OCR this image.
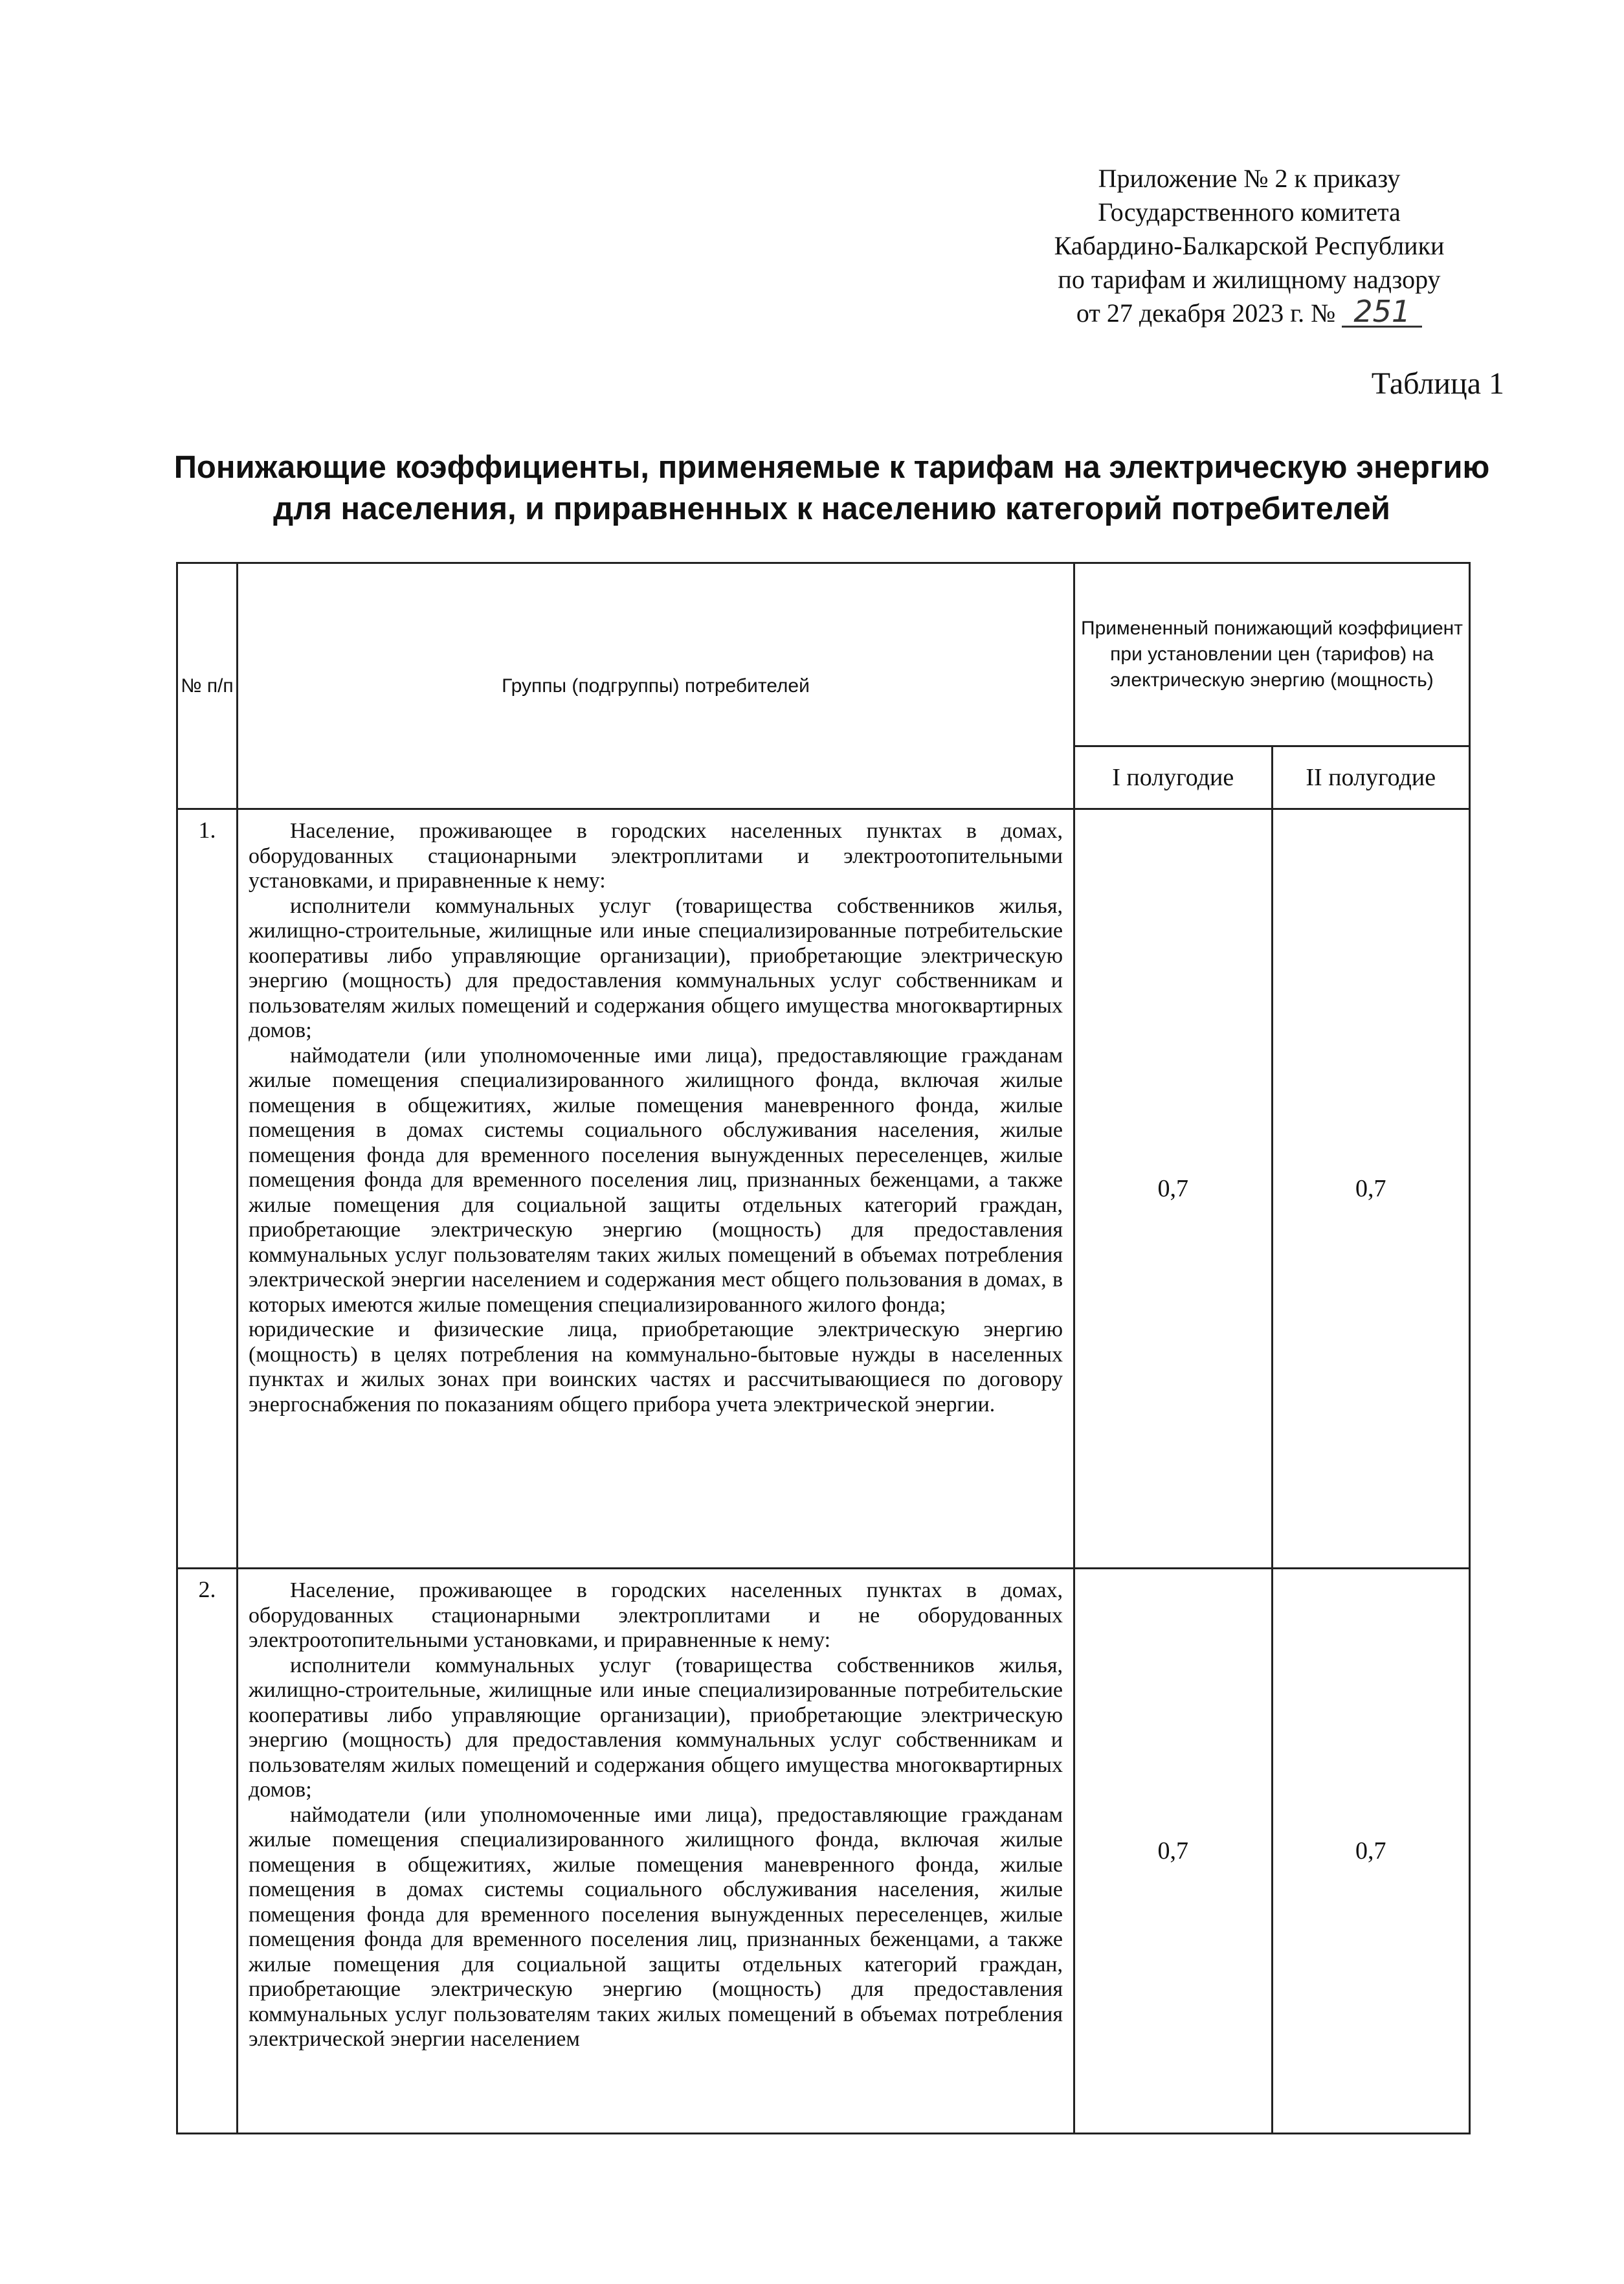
Приложение № 2 к приказу
Государственного комитета
Кабардино-Балкарской Республики
по тарифам и жилищному надзору
от 27 декабря 2023 г. № 251
Таблица 1
Понижающие коэффициенты, применяемые к тарифам на электрическую энергию
для населения, и приравненных к населению категорий потребителей
№ п/п	Группы (подгруппы) потребителей	Примененный понижающий коэффициент при установлении цен (тарифов) на электрическую энергию (мощность)	
		I полугодие	II полугодие
1.	Население, проживающее в городских населенных пунктах в домах, оборудованных стационарными электроплитами и электроотопительными установками, и приравненные к нему:

исполнители коммунальных услуг (товарищества собственников жилья, жилищно-строительные, жилищные или иные специализированные потребительские кооперативы либо управляющие организации), приобретающие электрическую энергию (мощность) для предоставления коммунальных услуг собственникам и пользователям жилых помещений и содержания общего имущества многоквартирных домов;

наймодатели (или уполномоченные ими лица), предоставляющие гражданам жилые помещения специализированного жилищного фонда, включая жилые помещения в общежитиях, жилые помещения маневренного фонда, жилые помещения в домах системы социального обслуживания населения, жилые помещения фонда для временного поселения вынужденных переселенцев, жилые помещения фонда для временного поселения лиц, признанных беженцами, а также жилые помещения для социальной защиты отдельных категорий граждан, приобретающие электрическую энергию (мощность) для предоставления коммунальных услуг пользователям таких жилых помещений в объемах потребления электрической энергии населением и содержания мест общего пользования в домах, в которых имеются жилые помещения специализированного жилого фонда;

юридические и физические лица, приобретающие электрическую энергию (мощность) в целях потребления на коммунально-бытовые нужды в населенных пунктах и жилых зонах при воинских частях и рассчитывающиеся по договору энергоснабжения по показаниям общего прибора учета электрической энергии.	0,7	0,7
2.	Население, проживающее в городских населенных пунктах в домах, оборудованных стационарными электроплитами и не оборудованных электроотопительными установками, и приравненные к нему:

исполнители коммунальных услуг (товарищества собственников жилья, жилищно-строительные, жилищные или иные специализированные потребительские кооперативы либо управляющие организации), приобретающие электрическую энергию (мощность) для предоставления коммунальных услуг собственникам и пользователям жилых помещений и содержания общего имущества многоквартирных домов;

наймодатели (или уполномоченные ими лица), предоставляющие гражданам жилые помещения специализированного жилищного фонда, включая жилые помещения в общежитиях, жилые помещения маневренного фонда, жилые помещения в домах системы социального обслуживания населения, жилые помещения фонда для временного поселения вынужденных переселенцев, жилые помещения фонда для временного поселения лиц, признанных беженцами, а также жилые помещения для социальной защиты отдельных категорий граждан, приобретающие электрическую энергию (мощность) для предоставления коммунальных услуг пользователям таких жилых помещений в объемах потребления электрической энергии населением	0,7	0,7
